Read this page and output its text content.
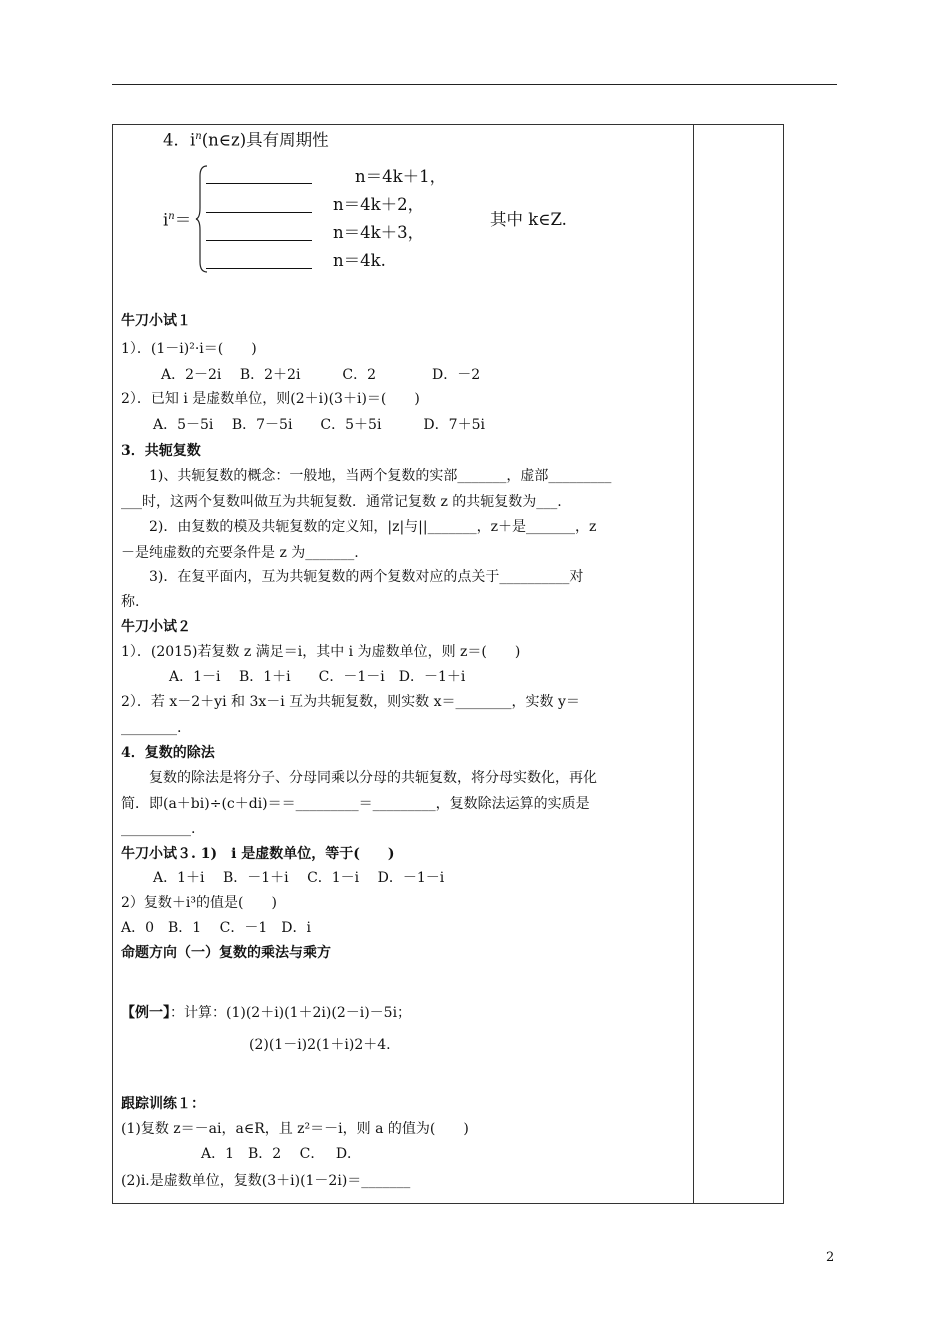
4．$i^n(n\in z)$具有周期性
$i^n=$
n＝4k＋1，
n＝4k＋2，
n＝4k＋3，
n＝4k.
其中 k∈Z.
牛刀小试１
1）．(1－i)²·i＝(　　)
A．2－2i　 B．2＋2i　　　C．2　　　　D．－2
2）．已知 i 是虚数单位，则(2＋i)(3＋i)＝(　　)
A．5－5i　 B．7－5i　　C．5＋5i　　　D．7＋5i
3．共轭复数
1)、共轭复数的概念：一般地，当两个复数的实部_______，虚部_________
___时，这两个复数叫做互为共轭复数．通常记复数 z 的共轭复数为___.
2)．由复数的模及共轭复数的定义知，|z|与||_______，z＋是_______，z
－是纯虚数的充要条件是 z 为_______.
3)．在复平面内，互为共轭复数的两个复数对应的点关于__________对
称.
牛刀小试２
1）．(2015)若复数 z 满足＝i，其中 i 为虚数单位，则 z＝(　　)
A．1－i　 B．1＋i　　C．－1－i　D．－1＋i
2）．若 x－2＋yi 和 3x－i 互为共轭复数，则实数 x＝________，实数 y＝
________.
4．复数的除法
复数的除法是将分子、分母同乘以分母的共轭复数，将分母实数化，再化
简．即(a＋bi)÷(c＋di)＝＝_________＝_________，复数除法运算的实质是
__________.
牛刀小试３. 1)　i 是虚数单位，等于(　　)
A．1＋i　 B．－1＋i　 C．1－i　 D．－1－i
2）复数＋i³的值是(　　)
A．0　B．1　 C．－1　D．i
命题方向（一）复数的乘法与乘方
【例一】：计算：(1)(2＋i)(1＋2i)(2－i)－5i；
(2)(1－i)2(1＋i)2＋4.
跟踪训练１：
(1)复数 z＝－ai，a∈R，且 z²＝－i，则 a 的值为(　　)
A．1　B．2　 C．　 D．
(2)i.是虚数单位，复数(3＋i)(1－2i)＝_______
2
